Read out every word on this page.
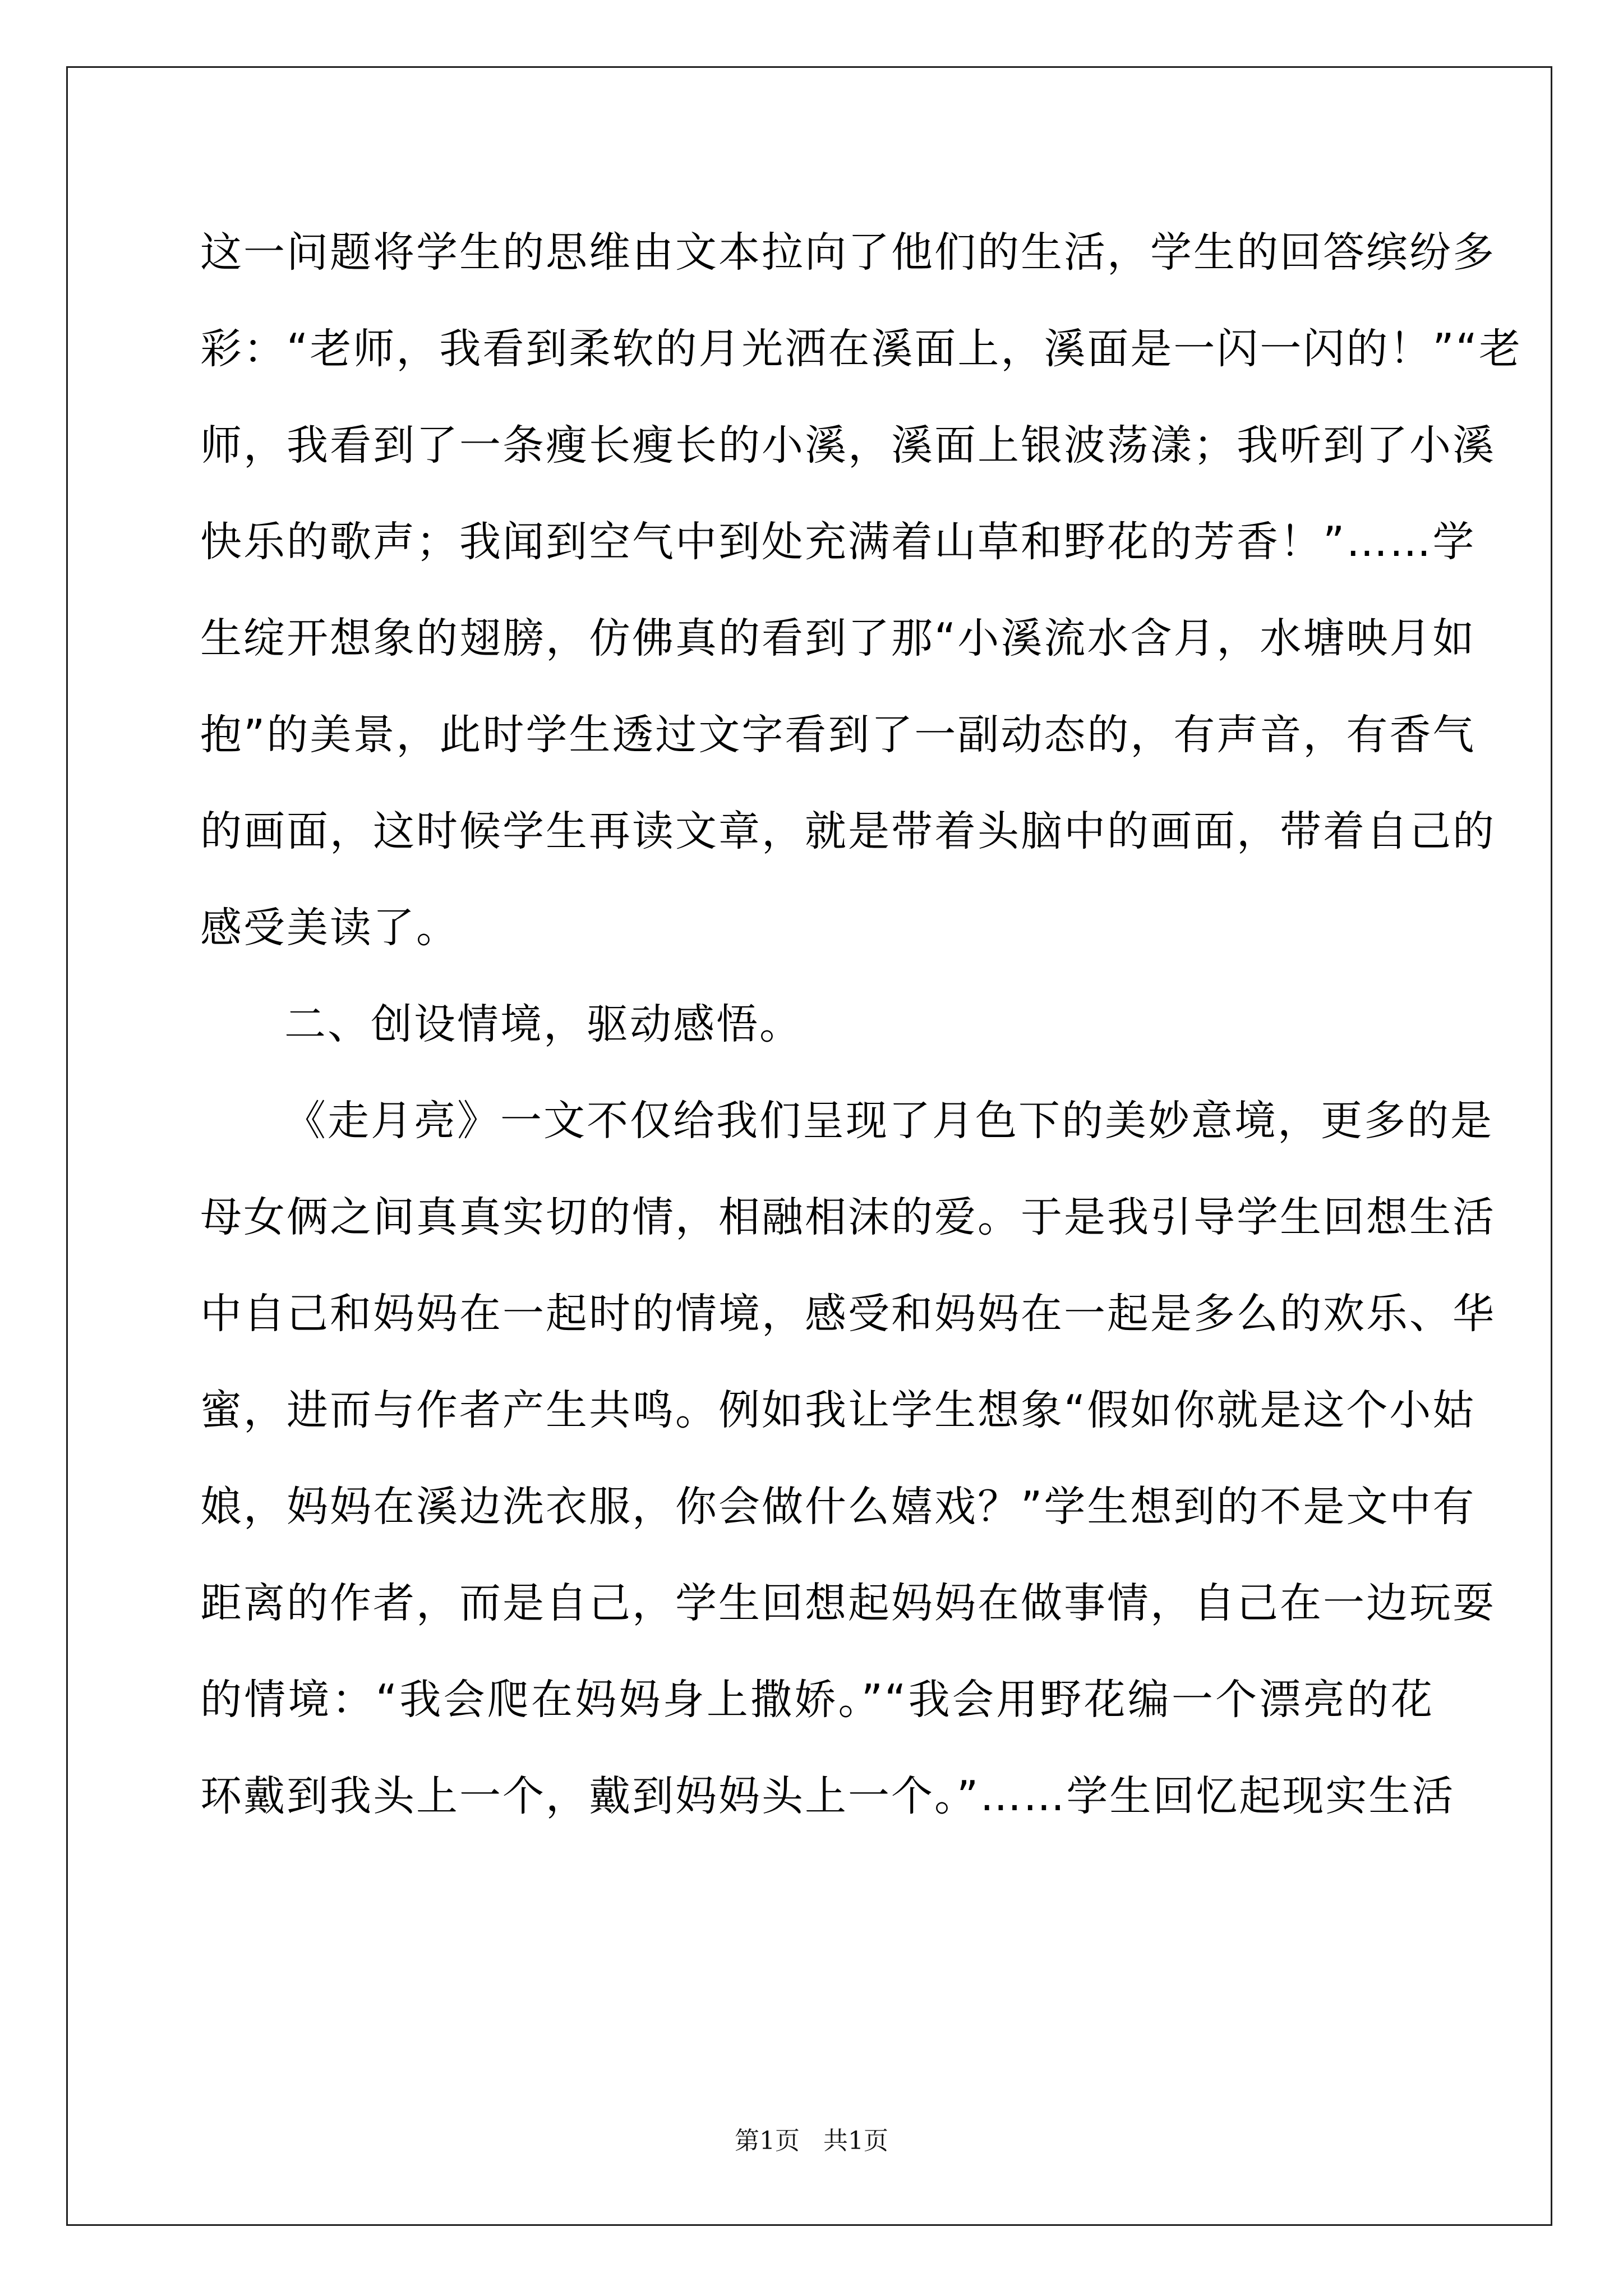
这一问题将学生的思维由文本拉向了他们的生活，学生的回答缤纷多
彩：“老师，我看到柔软的月光洒在溪面上，溪面是一闪一闪的！”“老
师，我看到了一条瘦长瘦长的小溪，溪面上银波荡漾；我听到了小溪
快乐的歌声；我闻到空气中到处充满着山草和野花的芳香！”……学
生绽开想象的翅膀，仿佛真的看到了那“小溪流水含月，水塘映月如
抱”的美景，此时学生透过文字看到了一副动态的，有声音，有香气
的画面，这时候学生再读文章，就是带着头脑中的画面，带着自己的
感受美读了。
二、创设情境，驱动感悟。
《走月亮》一文不仅给我们呈现了月色下的美妙意境，更多的是
母女俩之间真真实切的情，相融相沫的爱。于是我引导学生回想生活
中自己和妈妈在一起时的情境，感受和妈妈在一起是多么的欢乐、华
蜜，进而与作者产生共鸣。例如我让学生想象“假如你就是这个小姑
娘，妈妈在溪边洗衣服，你会做什么嬉戏？”学生想到的不是文中有
距离的作者，而是自己，学生回想起妈妈在做事情，自己在一边玩耍
的情境：“我会爬在妈妈身上撒娇。”“我会用野花编一个漂亮的花
环戴到我头上一个，戴到妈妈头上一个。”……学生回忆起现实生活
第1页   共1页
